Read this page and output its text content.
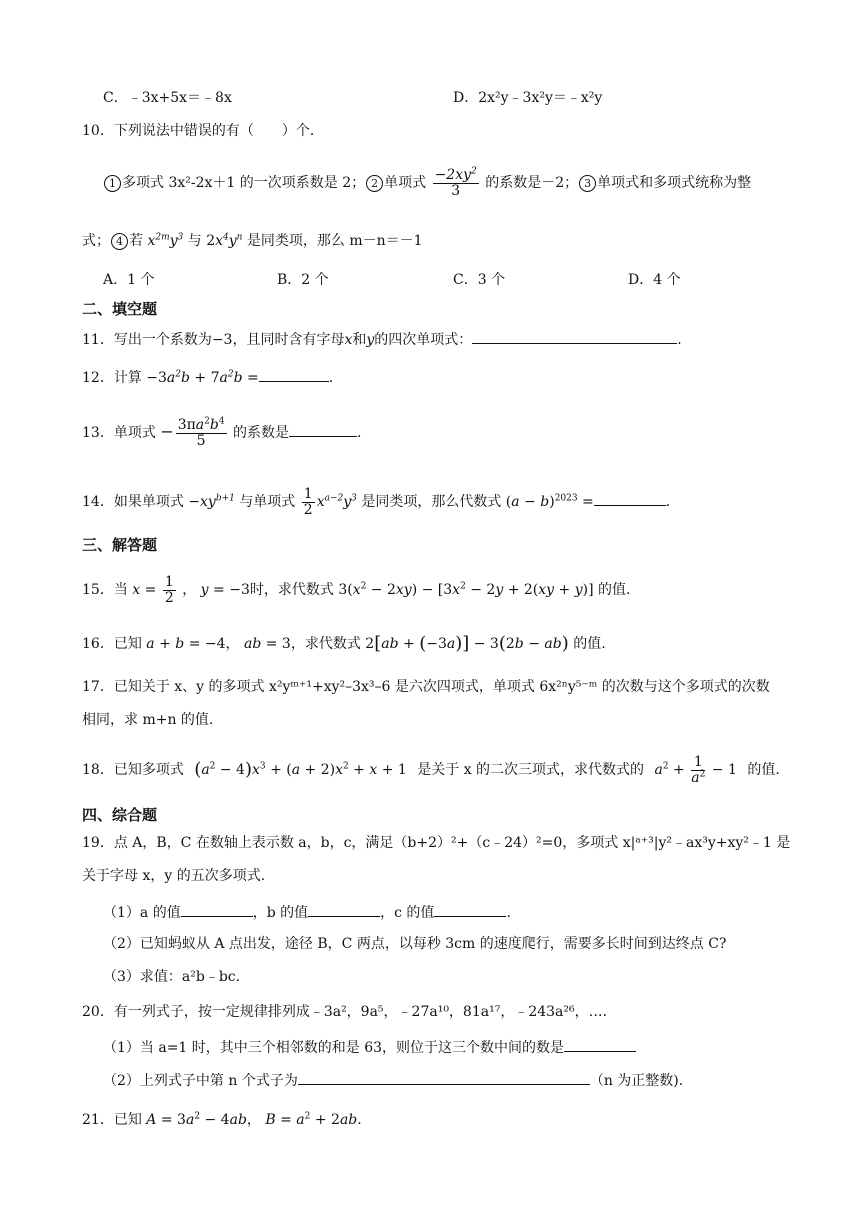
C．﹣3x+5x＝﹣8x	D．2x²y﹣3x²y＝﹣x²y
10．下列说法中错误的有（　　）个．
1 多项式 3x²-2x＋1 的一次项系数是 2； 2 单项式 $\frac{-2xy^2}{3}$ 的系数是－2； 3 单项式和多项式统称为整
式； 4 若 $x^{2m}y^3$ 与 $2x^4y^n$ 是同类项，那么 m－n＝－1
A．1 个	B．2 个	C．3 个	D．4 个
二、填空题
11．写出一个系数为−3，且同时含有字母x和y的四次单项式：	.
12．计算 $-3a^2b + 7a^2b$ =	.
13．单项式 − $\frac{3\pi a^2b^4}{5}$ 的系数是	.
14．如果单项式 $-xy^{b+1}$ 与单项式 $\frac{1}{2} x^{a-2}y^3$ 是同类项，那么代数式 $(a - b)^{2023}$ =	.
三、解答题
15．当 $x = \frac{1}{2}$ ， y = −3时，求代数式 $3(x^2 - 2xy) - [3x^2 - 2y + 2(xy + y)]$ 的值.
16．已知 a + b = −4， ab = 3，求代数式 2[ab + (−3a)] − 3(2b − ab) 的值.
17．已知关于 x、y 的多项式 x²yᵐ⁺¹+xy²–3x³–6 是六次四项式，单项式 6x²ⁿy⁵⁻ᵐ 的次数与这个多项式的次数
相同，求 m+n 的值.
18．已知多项式 $(a^2 - 4)x^3 + (a + 2)x^2 + x + 1$ 是关于 x 的二次三项式，求代数式的 $a^2 + \frac{1}{a^2} - 1$ 的值.
四、综合题
19．点 A，B，C 在数轴上表示数 a，b，c，满足（b+2）²+（c﹣24）²=0，多项式 x|ᵃ⁺³|y²﹣ax³y+xy²﹣1 是
关于字母 x，y 的五次多项式.
（1）a 的值	，b 的值	，c 的值	.
（2）已知蚂蚁从 A 点出发，途径 B，C 两点，以每秒 3cm 的速度爬行，需要多长时间到达终点 C?
（3）求值：a²b﹣bc.
20．有一列式子，按一定规律排列成﹣3a²，9a⁵，﹣27a¹⁰，81a¹⁷，﹣243a²⁶，….
（1）当 a=1 时，其中三个相邻数的和是 63，则位于这三个数中间的数是
（2）上列式子中第 n 个式子为	（n 为正整数).
21．已知 $A = 3a^2 - 4ab$， $B = a^2 + 2ab$.
